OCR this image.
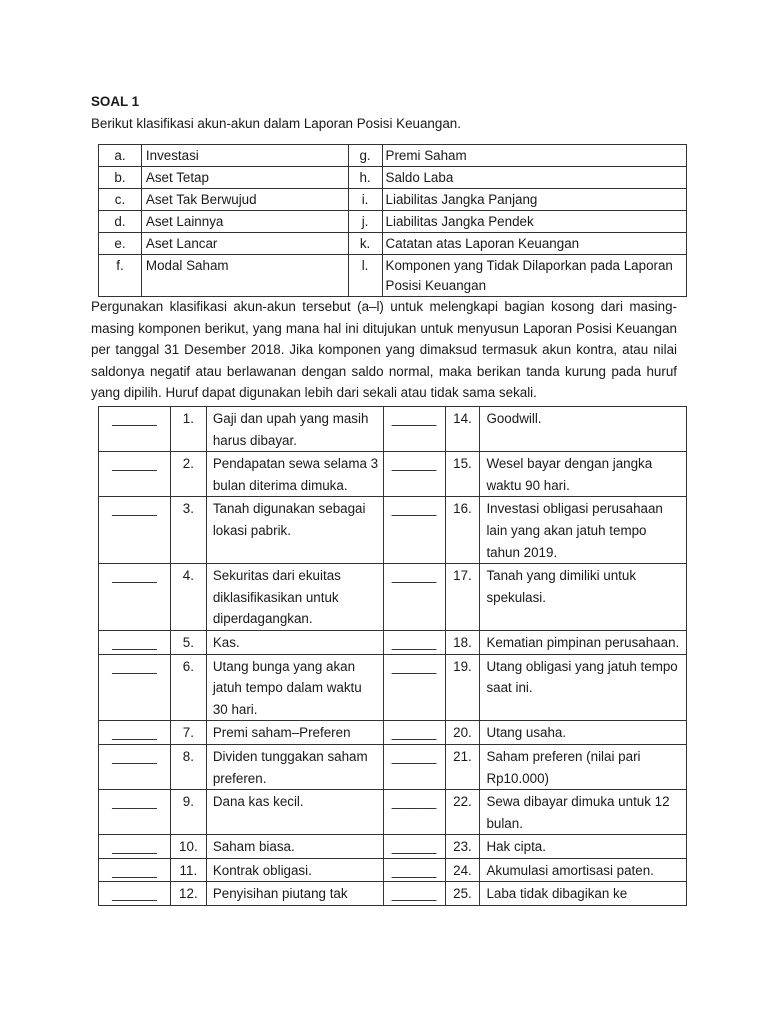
SOAL 1
Berikut klasifikasi akun-akun dalam Laporan Posisi Keuangan.
a.	Investasi	g.	Premi Saham
b.	Aset Tetap	h.	Saldo Laba
c.	Aset Tak Berwujud	i.	Liabilitas Jangka Panjang
d.	Aset Lainnya	j.	Liabilitas Jangka Pendek
e.	Aset Lancar	k.	Catatan atas Laporan Keuangan
f.	Modal Saham	l.	Komponen yang Tidak Dilaporkan pada Laporan Posisi Keuangan
Pergunakan klasifikasi akun-akun tersebut (a–l) untuk melengkapi bagian kosong dari masing-masing komponen berikut, yang mana hal ini ditujukan untuk menyusun Laporan Posisi Keuangan per tanggal 31 Desember 2018. Jika komponen yang dimaksud termasuk akun kontra, atau nilai saldonya negatif atau berlawanan dengan saldo normal, maka berikan tanda kurung pada huruf yang dipilih. Huruf dapat digunakan lebih dari sekali atau tidak sama sekali.
______	1.	Gaji dan upah yang masih harus dibayar.	______	14.	Goodwill.
______	2.	Pendapatan sewa selama 3 bulan diterima dimuka.	______	15.	Wesel bayar dengan jangka waktu 90 hari.
______	3.	Tanah digunakan sebagai lokasi pabrik.	______	16.	Investasi obligasi perusahaan lain yang akan jatuh tempo tahun 2019.
______	4.	Sekuritas dari ekuitas diklasifikasikan untuk diperdagangkan.	______	17.	Tanah yang dimiliki untuk spekulasi.
______	5.	Kas.	______	18.	Kematian pimpinan perusahaan.
______	6.	Utang bunga yang akan jatuh tempo dalam waktu 30 hari.	______	19.	Utang obligasi yang jatuh tempo saat ini.
______	7.	Premi saham–Preferen	______	20.	Utang usaha.
______	8.	Dividen tunggakan saham preferen.	______	21.	Saham preferen (nilai pari Rp10.000)
______	9.	Dana kas kecil.	______	22.	Sewa dibayar dimuka untuk 12 bulan.
______	10.	Saham biasa.	______	23.	Hak cipta.
______	11.	Kontrak obligasi.	______	24.	Akumulasi amortisasi paten.
______	12.	Penyisihan piutang tak	______	25.	Laba tidak dibagikan ke
